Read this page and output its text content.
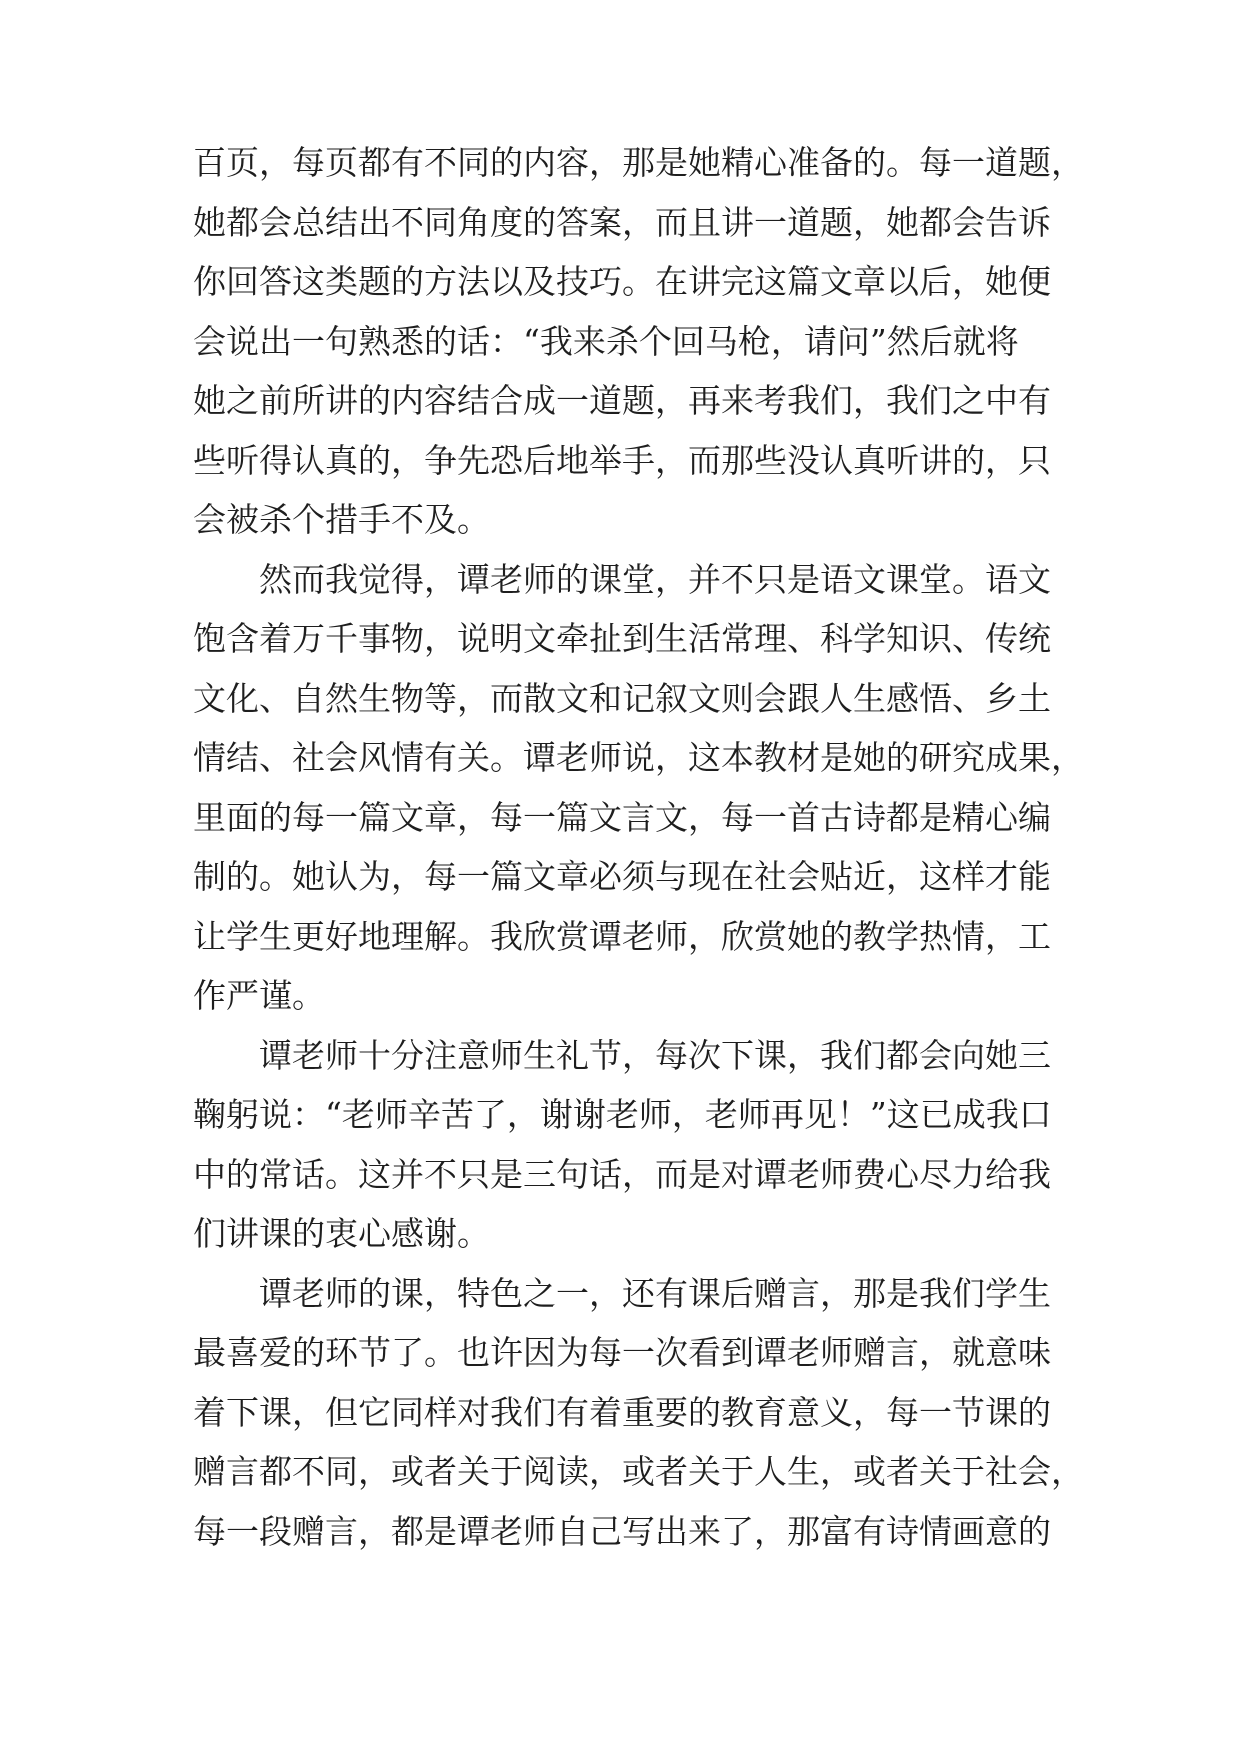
百页，每页都有不同的内容，那是她精心准备的。每一道题，
她都会总结出不同角度的答案，而且讲一道题，她都会告诉
你回答这类题的方法以及技巧。在讲完这篇文章以后，她便
会说出一句熟悉的话：“我来杀个回马枪，请问”然后就将
她之前所讲的内容结合成一道题，再来考我们，我们之中有
些听得认真的，争先恐后地举手，而那些没认真听讲的，只
会被杀个措手不及。
然而我觉得，谭老师的课堂，并不只是语文课堂。语文
饱含着万千事物，说明文牵扯到生活常理、科学知识、传统
文化、自然生物等，而散文和记叙文则会跟人生感悟、乡土
情结、社会风情有关。谭老师说，这本教材是她的研究成果，
里面的每一篇文章，每一篇文言文，每一首古诗都是精心编
制的。她认为，每一篇文章必须与现在社会贴近，这样才能
让学生更好地理解。我欣赏谭老师，欣赏她的教学热情，工
作严谨。
谭老师十分注意师生礼节，每次下课，我们都会向她三
鞠躬说：“老师辛苦了，谢谢老师，老师再见！”这已成我口
中的常话。这并不只是三句话，而是对谭老师费心尽力给我
们讲课的衷心感谢。
谭老师的课，特色之一，还有课后赠言，那是我们学生
最喜爱的环节了。也许因为每一次看到谭老师赠言，就意味
着下课，但它同样对我们有着重要的教育意义，每一节课的
赠言都不同，或者关于阅读，或者关于人生，或者关于社会，
每一段赠言，都是谭老师自己写出来了，那富有诗情画意的
